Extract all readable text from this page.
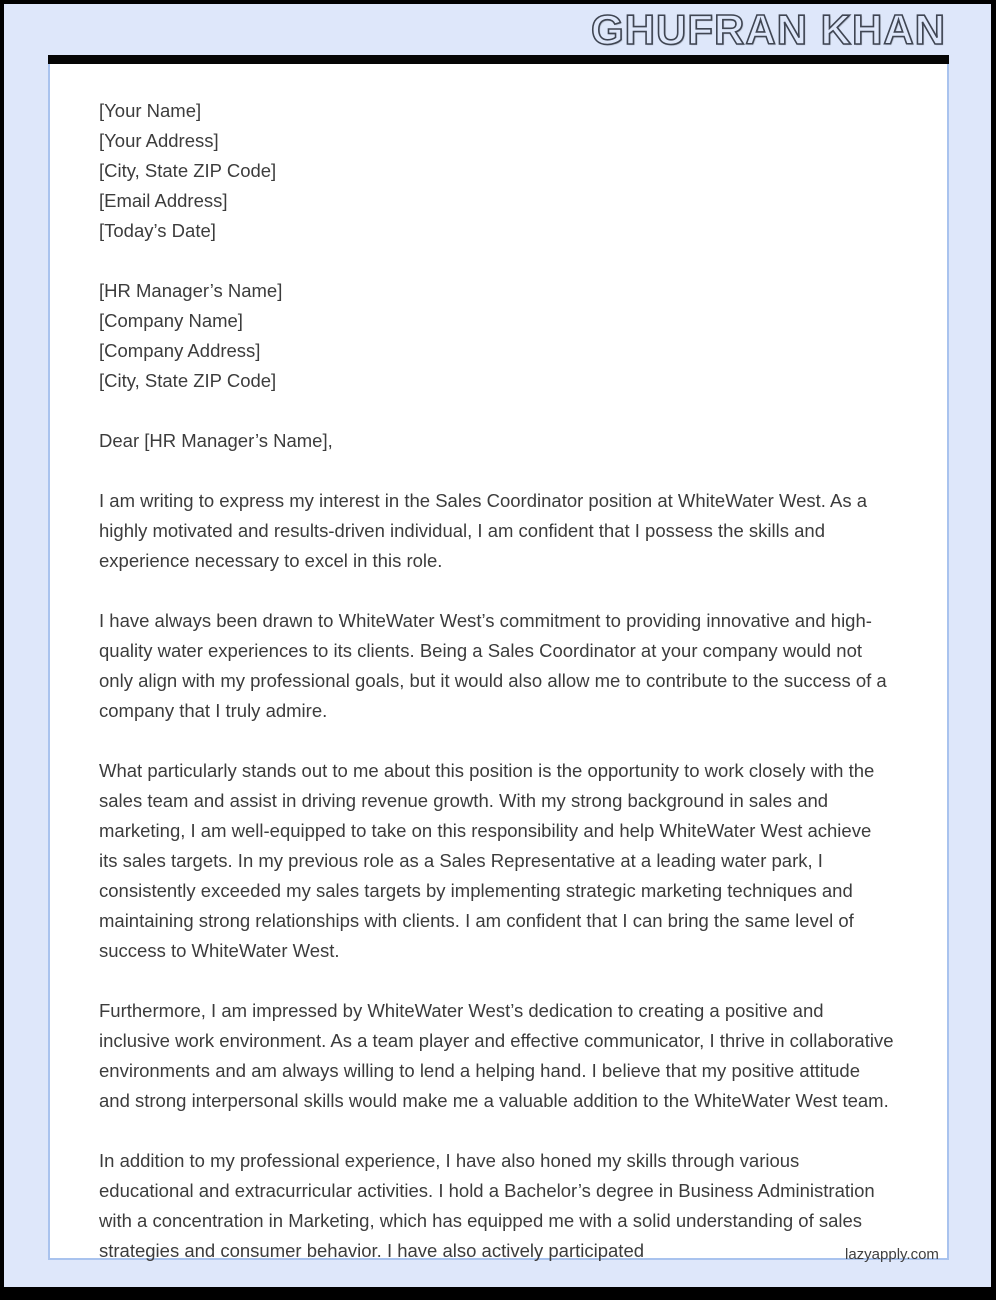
GHUFRAN KHAN
[Your Name]
[Your Address]
[City, State ZIP Code]
[Email Address]
[Today’s Date]
[HR Manager’s Name]
[Company Name]
[Company Address]
[City, State ZIP Code]
Dear [HR Manager’s Name],
I am writing to express my interest in the Sales Coordinator position at WhiteWater West. As a highly motivated and results-driven individual, I am confident that I possess the skills and experience necessary to excel in this role.
I have always been drawn to WhiteWater West’s commitment to providing innovative and high-quality water experiences to its clients. Being a Sales Coordinator at your company would not only align with my professional goals, but it would also allow me to contribute to the success of a company that I truly admire.
What particularly stands out to me about this position is the opportunity to work closely with the sales team and assist in driving revenue growth. With my strong background in sales and marketing, I am well-equipped to take on this responsibility and help WhiteWater West achieve its sales targets. In my previous role as a Sales Representative at a leading water park, I consistently exceeded my sales targets by implementing strategic marketing techniques and maintaining strong relationships with clients. I am confident that I can bring the same level of success to WhiteWater West.
Furthermore, I am impressed by WhiteWater West’s dedication to creating a positive and inclusive work environment. As a team player and effective communicator, I thrive in collaborative environments and am always willing to lend a helping hand. I believe that my positive attitude and strong interpersonal skills would make me a valuable addition to the WhiteWater West team.
In addition to my professional experience, I have also honed my skills through various educational and extracurricular activities. I hold a Bachelor’s degree in Business Administration with a concentration in Marketing, which has equipped me with a solid understanding of sales strategies and consumer behavior. I have also actively participated	lazyapply.com
